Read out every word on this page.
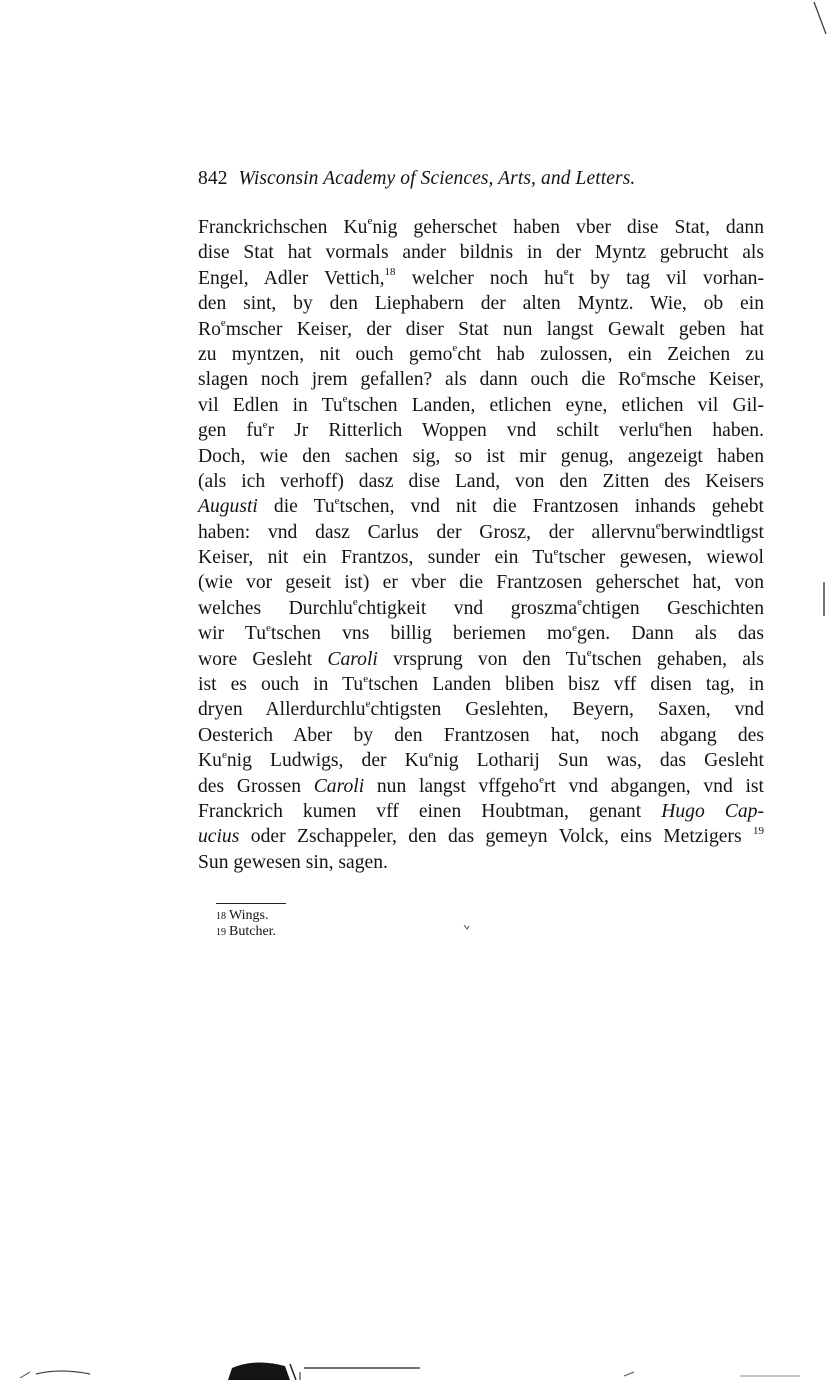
842 Wisconsin Academy of Sciences, Arts, and Letters.
Franckrichschen Ku$^e$nig geherschet haben vber dise Stat, dann
dise Stat hat vormals ander bildnis in der Myntz gebrucht als
Engel, Adler Vettich,$^{18}$ welcher noch $hu^et$ by tag vil vorhan-
den sint, by den Liephabern der alten Myntz. Wie, ob ein
Ro$^e$mscher Keiser, der diser Stat nun langst Gewalt geben hat
zu myntzen, nit ouch gemo$^e$cht hab zulossen, ein Zeichen zu
slagen noch jrem gefallen? als dann ouch die Ro$^e$msche Keiser,
vil Edlen in Tu$^e$tschen Landen, etlichen eyne, etlichen vil Gil-
gen $fu^er$ Jr Ritterlich Woppen vnd schilt verlu$^e$hen haben.
Doch, wie den sachen sig, so ist mir genug, angezeigt haben
(als ich verhoff) dasz dise Land, von den Zitten des Keisers
Augusti die Tu$^e$tschen, vnd nit die Frantzosen inhands gehebt
haben: vnd dasz Carlus der Grosz, der allervnu$^e$berwindtligst
Keiser, nit ein Frantzos, sunder ein Tu$^e$tscher gewesen, wiewol
(wie vor geseit ist) er vber die Frantzosen geherschet hat, von
welches Durchlu$^e$chtigkeit vnd groszma$^e$chtigen Geschichten
wir Tu$^e$tschen vns billig beriemen $mo^egen$. Dann als das
wore Gesleht Caroli vrsprung von den Tu$^e$tschen gehaben, als
ist es ouch in Tu$^e$tschen Landen bliben bisz vff disen tag, in
dryen Allerdurchlu$^e$chtigsten Geslehten, Beyern, Saxen, vnd
Oesterich Aber by den Frantzosen hat, noch abgang des
Ku$^e$nig Ludwigs, der Ku$^e$nig Lotharij Sun was, das Gesleht
des Grossen Caroli nun langst vffgeho$^e$rt vnd abgangen, vnd ist
Franckrich kumen vff einen Houbtman, genant Hugo Cap-
ucius oder Zschappeler, den das gemeyn Volck, eins Metzigers $^{19}$
Sun gewesen sin, sagen.
18 Wings.
19 Butcher.
